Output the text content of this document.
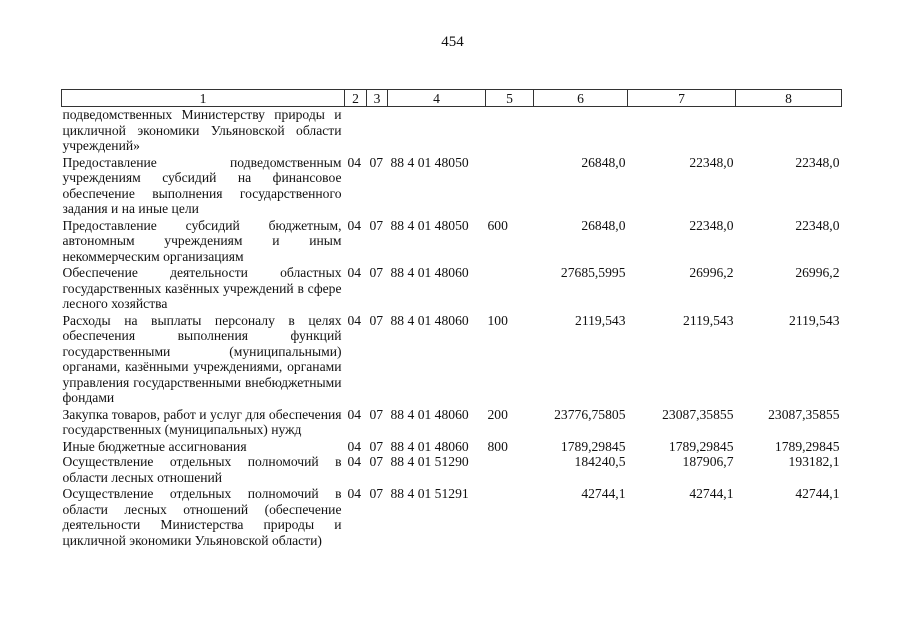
454
1	2	3	4	5	6	7	8
подведомственных Министерству природы и цикличной экономики Ульяновской области учреждений»							
Предоставление подведомственным учреждениям субсидий на финансовое обеспечение выполнения государственного задания и на иные цели	04	07	88 4 01 48050		26848,0	22348,0	22348,0
Предоставление субсидий бюджетным, автономным учреждениям и иным некоммерческим организациям	04	07	88 4 01 48050	600	26848,0	22348,0	22348,0
Обеспечение деятельности областных государственных казённых учреждений в сфере лесного хозяйства	04	07	88 4 01 48060		27685,5995	26996,2	26996,2
Расходы на выплаты персоналу в целях обеспечения выполнения функций государственными (муниципальными) органами, казёнными учреждениями, органами управления государственными внебюджетными фондами	04	07	88 4 01 48060	100	2119,543	2119,543	2119,543
Закупка товаров, работ и услуг для обеспечения государственных (муниципальных) нужд	04	07	88 4 01 48060	200	23776,75805	23087,35855	23087,35855
Иные бюджетные ассигнования	04	07	88 4 01 48060	800	1789,29845	1789,29845	1789,29845
Осуществление отдельных полномочий в области лесных отношений	04	07	88 4 01 51290		184240,5	187906,7	193182,1
Осуществление отдельных полномочий в области лесных отношений (обеспечение деятельности Министерства природы и цикличной экономики Ульяновской области)	04	07	88 4 01 51291		42744,1	42744,1	42744,1
